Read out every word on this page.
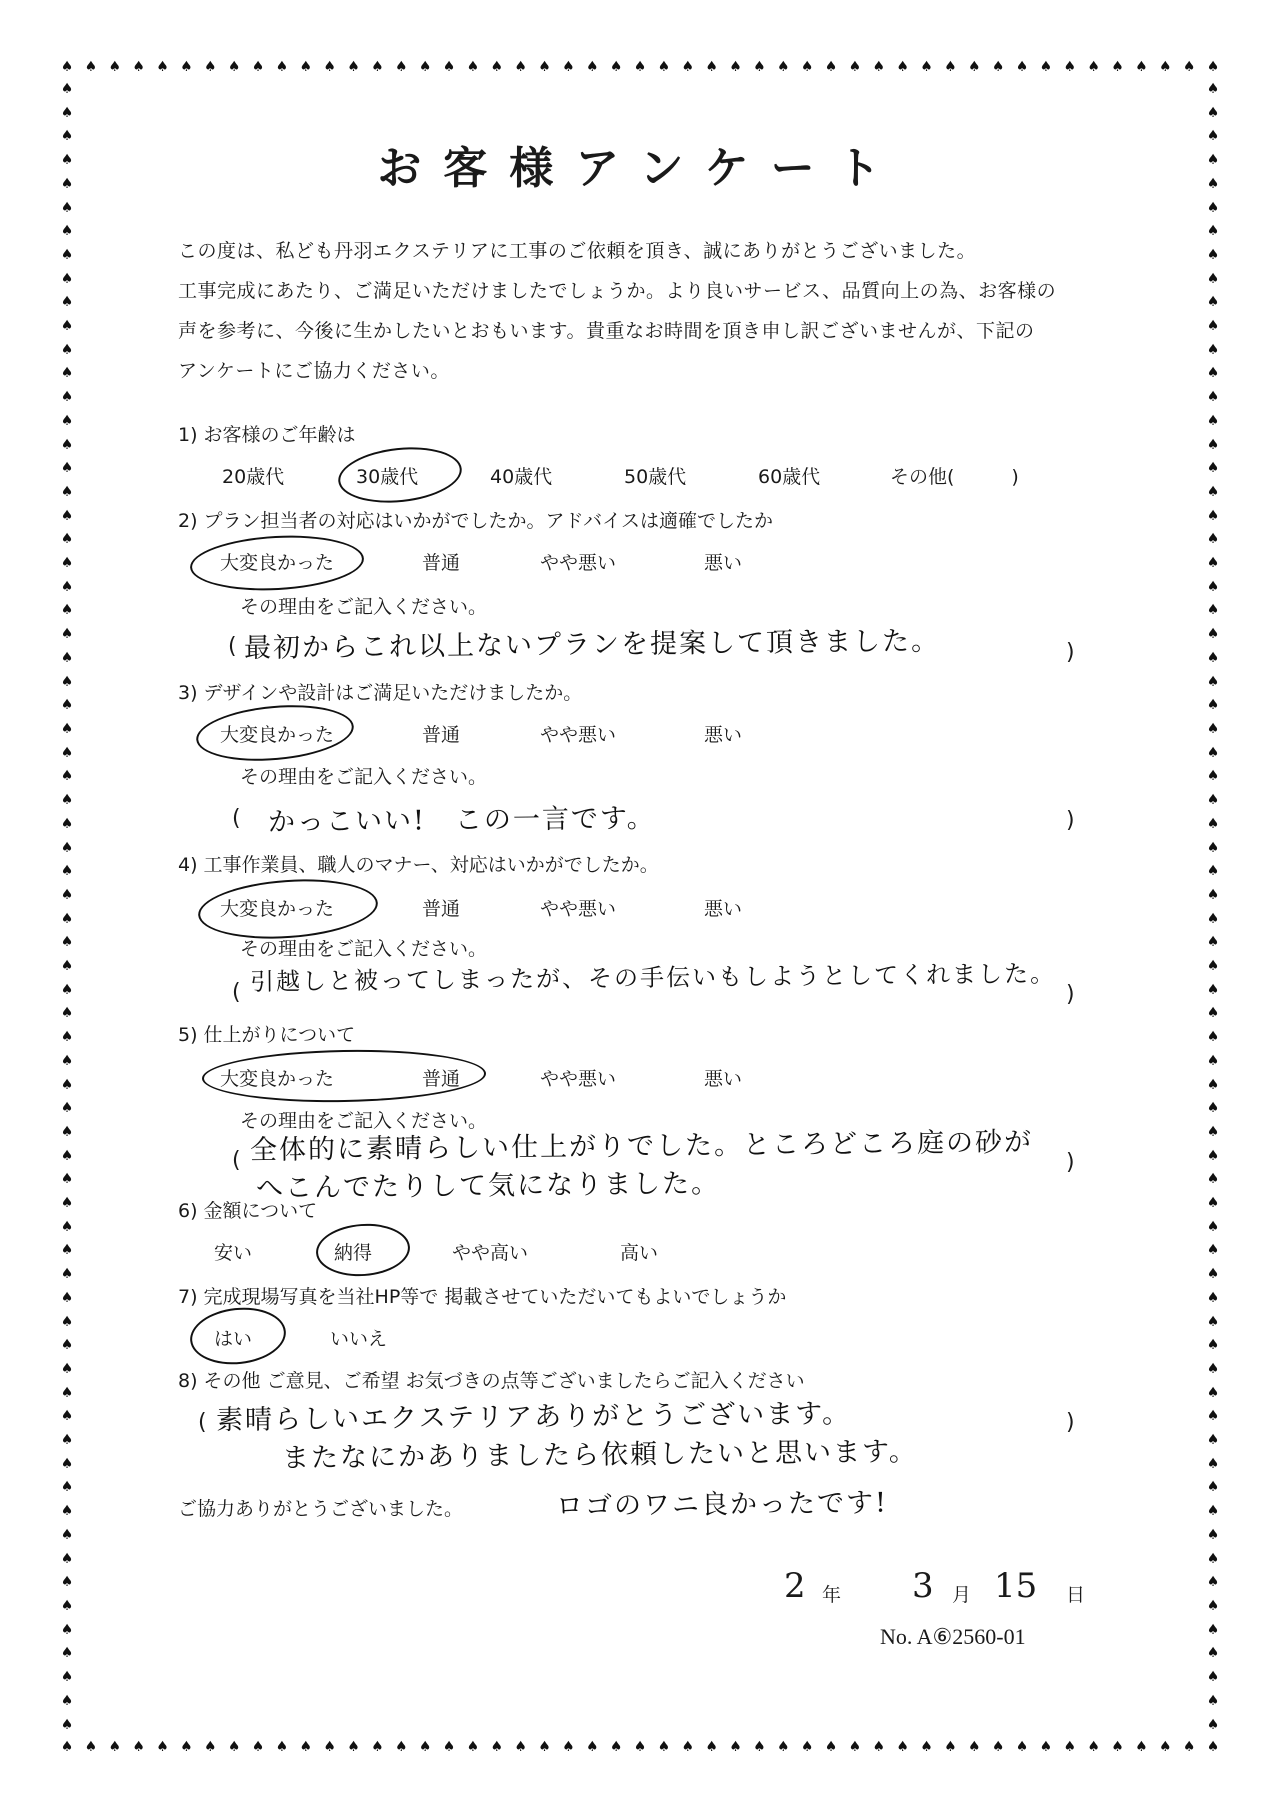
♠ ♠ ♠ ♠ ♠ ♠ ♠ ♠ ♠ ♠ ♠ ♠ ♠ ♠ ♠ ♠ ♠ ♠ ♠ ♠ ♠ ♠ ♠ ♠ ♠ ♠ ♠ ♠ ♠ ♠ ♠ ♠ ♠ ♠ ♠ ♠ ♠ ♠ ♠ ♠ ♠ ♠ ♠ ♠ ♠ ♠ ♠ ♠ ♠
♠ ♠ ♠ ♠ ♠ ♠ ♠ ♠ ♠ ♠ ♠ ♠ ♠ ♠ ♠ ♠ ♠ ♠ ♠ ♠ ♠ ♠ ♠ ♠ ♠ ♠ ♠ ♠ ♠ ♠ ♠ ♠ ♠ ♠ ♠ ♠ ♠ ♠ ♠ ♠ ♠ ♠ ♠ ♠ ♠ ♠ ♠ ♠ ♠
♠
♠
♠
♠
♠
♠
♠
♠
♠
♠
♠
♠
♠
♠
♠
♠
♠
♠
♠
♠
♠
♠
♠
♠
♠
♠
♠
♠
♠
♠
♠
♠
♠
♠
♠
♠
♠
♠
♠
♠
♠
♠
♠
♠
♠
♠
♠
♠
♠
♠
♠
♠
♠
♠
♠
♠
♠
♠
♠
♠
♠
♠
♠
♠
♠
♠
♠
♠
♠
♠
♠
♠
♠
♠
♠
♠
♠
♠
♠
♠
♠
♠
♠
♠
♠
♠
♠
♠
♠
♠
♠
♠
♠
♠
♠
♠
♠
♠
♠
♠
♠
♠
♠
♠
♠
♠
♠
♠
♠
♠
♠
♠
♠
♠
♠
♠
♠
♠
♠
♠
♠
♠
♠
♠
♠
♠
♠
♠
♠
♠
♠
♠
♠
♠
♠
♠
♠
♠
♠
♠
お客様アンケート
この度は、私ども丹羽エクステリアに工事のご依頼を頂き、誠にありがとうございました。
工事完成にあたり、ご満足いただけましたでしょうか。より良いサービス、品質向上の為、お客様の
声を参考に、今後に生かしたいとおもいます。貴重なお時間を頂き申し訳ございませんが、下記の
アンケートにご協力ください。
1) お客様のご年齢は
20歳代	30歳代	40歳代	50歳代	60歳代	その他(　　　)
2) プラン担当者の対応はいかがでしたか。アドバイスは適確でしたか
大変良かった	普通	やや悪い	悪い
その理由をご記入ください。
( 最初からこれ以上ないプランを提案して頂きました。	)
3) デザインや設計はご満足いただけましたか。
大変良かった	普通	やや悪い	悪い
その理由をご記入ください。
( かっこいい!　この一言です。	)
4) 工事作業員、職人のマナー、対応はいかがでしたか。
大変良かった	普通	やや悪い	悪い
その理由をご記入ください。
( 引越しと被ってしまったが、その手伝いもしようとしてくれました。 )
5) 仕上がりについて
大変良かった	普通	やや悪い	悪い
その理由をご記入ください。
( 全体的に素晴らしい仕上がりでした。ところどころ庭の砂が
へこんでたりして気になりました。
)
6) 金額について
安い	納得	やや高い	高い
7) 完成現場写真を当社HP等で 掲載させていただいてもよいでしょうか
はい	いいえ
8) その他 ご意見、ご希望 お気づきの点等ございましたらご記入ください
( 素晴らしいエクステリアありがとうございます。
またなにかありましたら依頼したいと思います。
ロゴのワニ良かったです!
)
ご協力ありがとうございました。
2 年 3 月 15 日
No. A⑥2560-01
